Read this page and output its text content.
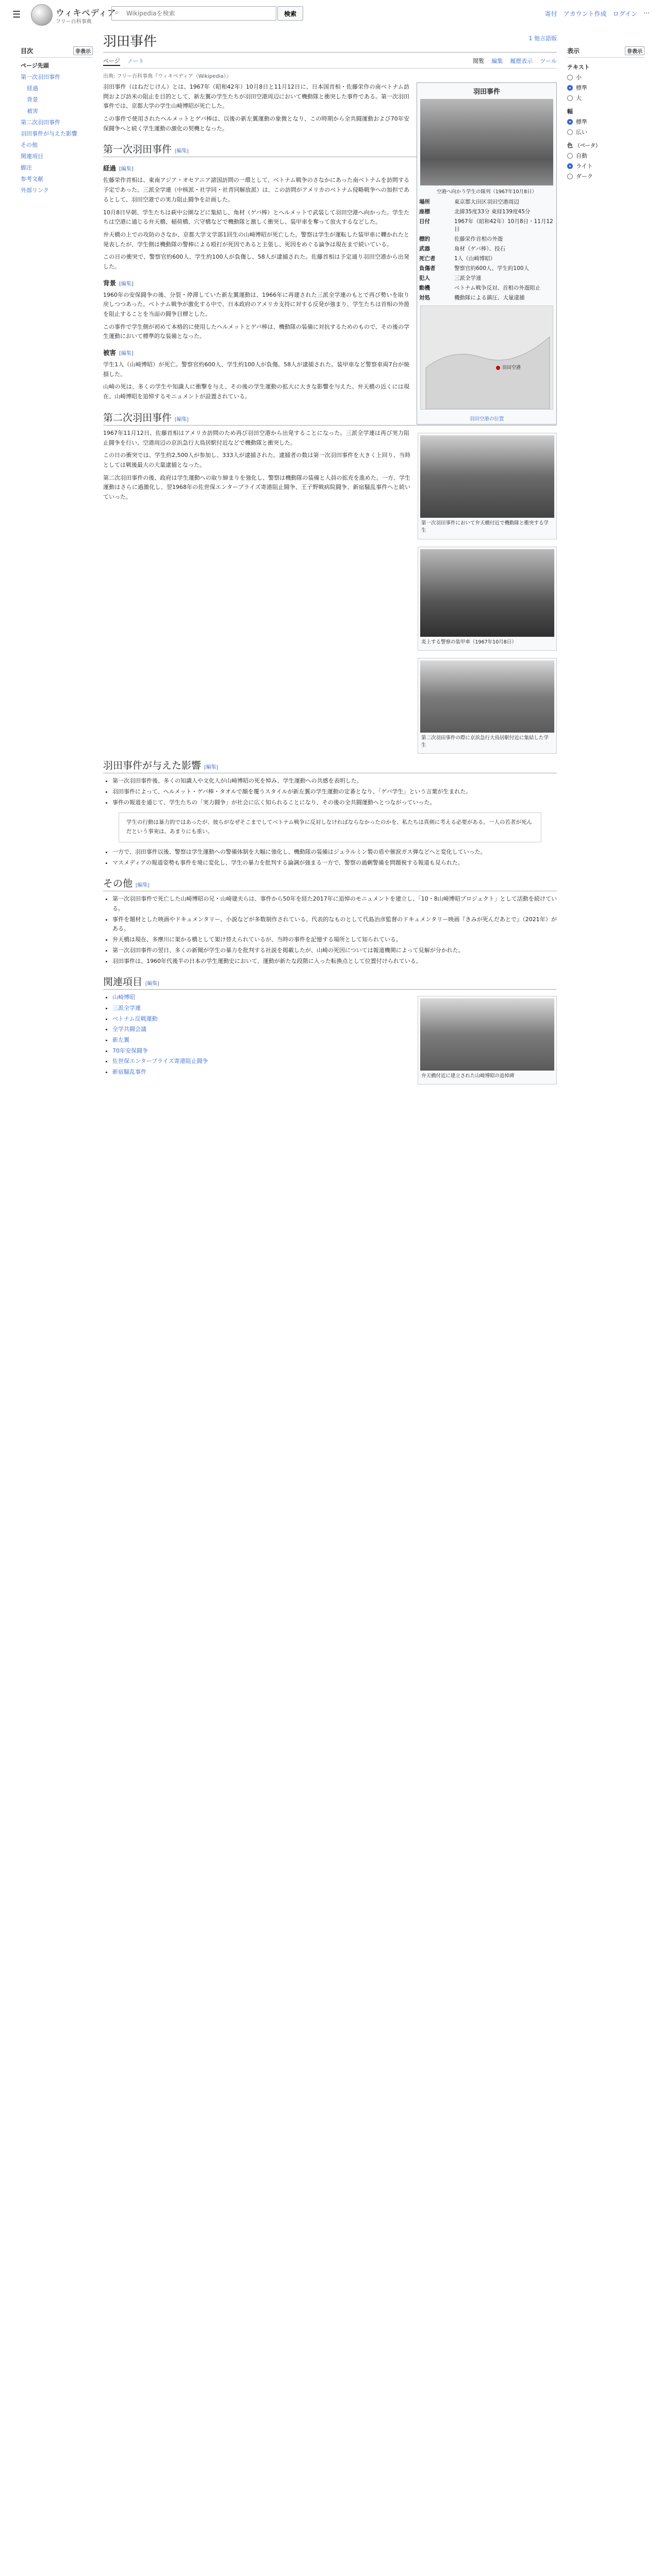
☰	ウィキペディア
フリー百科事典
⌕
Wikipediaを検索	検索	寄付 アカウント作成 ログイン ⋯
目次	非表示
ページ先頭
第一次羽田事件
経過
背景
被害
第二次羽田事件
羽田事件が与えた影響
その他
関連項目
脚注
参考文献
外部リンク
羽田事件	1 他言語版
ページ ノート	閲覧 編集 履歴表示 ツール
出典: フリー百科事典『ウィキペディア（Wikipedia）』
羽田事件
空港へ向かう学生の隊列（1967年10月8日）
場所	東京都大田区羽田空港周辺
座標	北緯35度33分 東経139度45分
日付	1967年（昭和42年）10月8日・11月12日
標的	佐藤栄作首相の外遊
武器	角材（ゲバ棒）、投石
死亡者	1人（山崎博昭）
負傷者	警察官約600人、学生約100人
犯人	三派全学連
動機	ベトナム戦争反対、首相の外遊阻止
対処	機動隊による鎮圧、大量逮捕
羽田空港
羽田空港の位置

羽田事件（はねだじけん）とは、1967年（昭和42年）10月8日と11月12日に、日本国首相・佐藤栄作の南ベトナム訪問および訪米の阻止を目的として、新左翼の学生たちが羽田空港周辺において機動隊と衝突した事件である。第一次羽田事件では、京都大学の学生山崎博昭が死亡した。

この事件で使用されたヘルメットとゲバ棒は、以後の新左翼運動の象徴となり、この時期から全共闘運動および70年安保闘争へと続く学生運動の激化の契機となった。

第一次羽田事件 [編集]
経過 [編集]
第一次羽田事件において弁天橋付近で機動隊と衝突する学生

佐藤栄作首相は、東南アジア・オセアニア諸国訪問の一環として、ベトナム戦争のさなかにあった南ベトナムを訪問する予定であった。三派全学連（中核派・社学同・社青同解放派）は、この訪問がアメリカのベトナム侵略戦争への加担であるとして、羽田空港での実力阻止闘争を計画した。

10月8日早朝、学生たちは萩中公園などに集結し、角材（ゲバ棒）とヘルメットで武装して羽田空港へ向かった。学生たちは空港に通じる弁天橋、稲荷橋、穴守橋などで機動隊と激しく衝突し、装甲車を奪って放火するなどした。

炎上する警察の装甲車（1967年10月8日）

弁天橋の上での攻防のさなか、京都大学文学部1回生の山崎博昭が死亡した。警察は学生が運転した装甲車に轢かれたと発表したが、学生側は機動隊の警棒による殴打が死因であると主張し、死因をめぐる論争は現在まで続いている。

この日の衝突で、警察官約600人、学生約100人が負傷し、58人が逮捕された。佐藤首相は予定通り羽田空港から出発した。

背景 [編集]

1960年の安保闘争の後、分裂・停滞していた新左翼運動は、1966年に再建された三派全学連のもとで再び勢いを取り戻しつつあった。ベトナム戦争が激化する中で、日本政府のアメリカ支持に対する反発が強まり、学生たちは首相の外遊を阻止することを当面の闘争目標とした。

この事件で学生側が初めて本格的に使用したヘルメットとゲバ棒は、機動隊の装備に対抗するためのもので、その後の学生運動において標準的な装備となった。

被害 [編集]

学生1人（山崎博昭）が死亡。警察官約600人、学生約100人が負傷。58人が逮捕された。装甲車など警察車両7台が焼損した。

山崎の死は、多くの学生や知識人に衝撃を与え、その後の学生運動の拡大に大きな影響を与えた。弁天橋の近くには現在、山崎博昭を追悼するモニュメントが設置されている。

第二次羽田事件 [編集]
第二次羽田事件の際に京浜急行大鳥居駅付近に集結した学生

1967年11月12日、佐藤首相はアメリカ訪問のため再び羽田空港から出発することになった。三派全学連は再び実力阻止闘争を行い、空港周辺の京浜急行大鳥居駅付近などで機動隊と衝突した。

この日の衝突では、学生約2,500人が参加し、333人が逮捕された。逮捕者の数は第一次羽田事件を大きく上回り、当時としては戦後最大の大量逮捕となった。

第二次羽田事件の後、政府は学生運動への取り締まりを強化し、警察は機動隊の装備と人員の拡充を進めた。一方、学生運動はさらに過激化し、翌1968年の佐世保エンタープライズ寄港阻止闘争、王子野戦病院闘争、新宿騒乱事件へと続いていった。

羽田事件が与えた影響 [編集]
• 第一次羽田事件後、多くの知識人や文化人が山崎博昭の死を悼み、学生運動への共感を表明した。
• 羽田事件によって、ヘルメット・ゲバ棒・タオルで顔を覆うスタイルが新左翼の学生運動の定番となり、「ゲバ学生」という言葉が生まれた。
• 事件の報道を通じて、学生たちの「実力闘争」が社会に広く知られることになり、その後の全共闘運動へとつながっていった。
学生の行動は暴力的ではあったが、彼らがなぜそこまでしてベトナム戦争に反対しなければならなかったのかを、私たちは真剣に考える必要がある。一人の若者が死んだという事実は、あまりにも重い。
• 一方で、羽田事件以後、警察は学生運動への警備体制を大幅に強化し、機動隊の装備はジュラルミン製の盾や催涙ガス弾などへと変化していった。
• マスメディアの報道姿勢も事件を境に変化し、学生の暴力を批判する論調が強まる一方で、警察の過剰警備を問題視する報道も見られた。
その他 [編集]
• 第一次羽田事件で死亡した山崎博昭の兄・山崎建夫らは、事件から50年を経た2017年に追悼のモニュメントを建立し、「10・8山崎博昭プロジェクト」として活動を続けている。
• 事件を題材とした映画やドキュメンタリー、小説などが多数制作されている。代表的なものとして代島治彦監督のドキュメンタリー映画『きみが死んだあとで』（2021年）がある。
• 弁天橋は現在、多摩川に架かる橋として架け替えられているが、当時の事件を記憶する場所として知られている。
• 第一次羽田事件の翌日、多くの新聞が学生の暴力を批判する社説を掲載したが、山崎の死因については報道機関によって見解が分かれた。
• 羽田事件は、1960年代後半の日本の学生運動史において、運動が新たな段階に入った転換点として位置付けられている。
関連項目 [編集]
弁天橋付近に建立された山崎博昭の追悼碑
• 山崎博昭
• 三派全学連
• ベトナム反戦運動
• 全学共闘会議
• 新左翼
• 70年安保闘争
• 佐世保エンタープライズ寄港阻止闘争
• 新宿騒乱事件
表示	非表示
テキスト
小
標準
大
幅
標準
広い
色 （ベータ）
自動
ライト
ダーク
